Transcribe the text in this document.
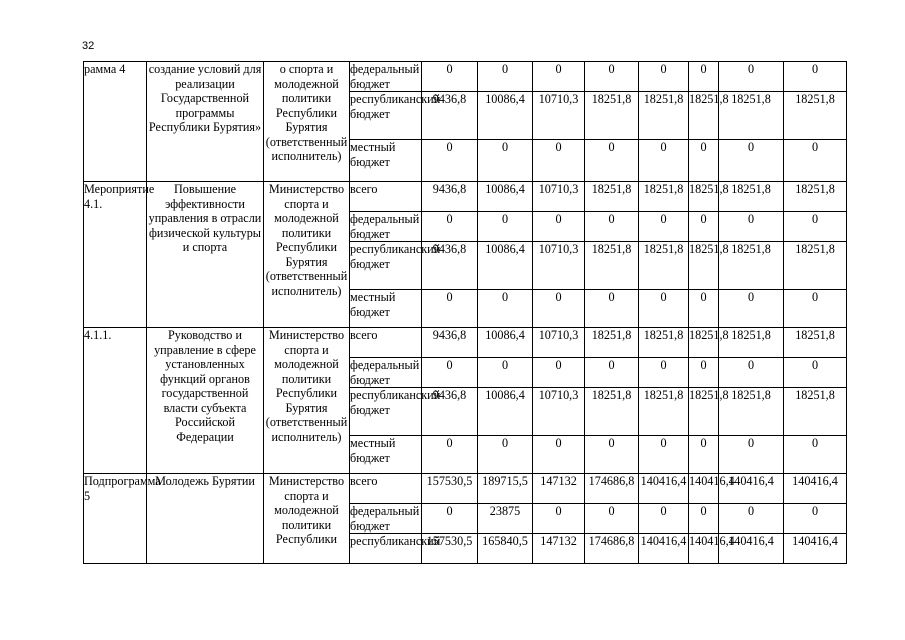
32
рамма 4	создание условий для реализации Государственной программы Республики Бурятия»	о спорта и молодежной политики Республики Бурятия (ответственный исполнитель)	федеральный бюджет	0	0	0	0	0	0	0	0
			республиканский бюджет	9436,8	10086,4	10710,3	18251,8	18251,8	18251,8	18251,8	18251,8
			местный бюджет	0	0	0	0	0	0	0	0
Мероприятие 4.1.	Повышение эффективности управления в отрасли физической культуры и спорта	Министерство спорта и молодежной политики Республики Бурятия (ответственный исполнитель)	всего	9436,8	10086,4	10710,3	18251,8	18251,8	18251,8	18251,8	18251,8
			федеральный бюджет	0	0	0	0	0	0	0	0
			республиканский бюджет	9436,8	10086,4	10710,3	18251,8	18251,8	18251,8	18251,8	18251,8
			местный бюджет	0	0	0	0	0	0	0	0
4.1.1.	Руководство и управление в сфере установленных функций органов государственной власти субъекта Российской Федерации	Министерство спорта и молодежной политики Республики Бурятия (ответственный исполнитель)	всего	9436,8	10086,4	10710,3	18251,8	18251,8	18251,8	18251,8	18251,8
			федеральный бюджет	0	0	0	0	0	0	0	0
			республиканский бюджет	9436,8	10086,4	10710,3	18251,8	18251,8	18251,8	18251,8	18251,8
			местный бюджет	0	0	0	0	0	0	0	0
Подпрограмма 5	Молодежь Бурятии	Министерство спорта и молодежной политики Республики	всего	157530,5	189715,5	147132	174686,8	140416,4	140416,4	140416,4	140416,4
			федеральный бюджет	0	23875	0	0	0	0	0	0
			республиканский	157530,5	165840,5	147132	174686,8	140416,4	140416,4	140416,4	140416,4
